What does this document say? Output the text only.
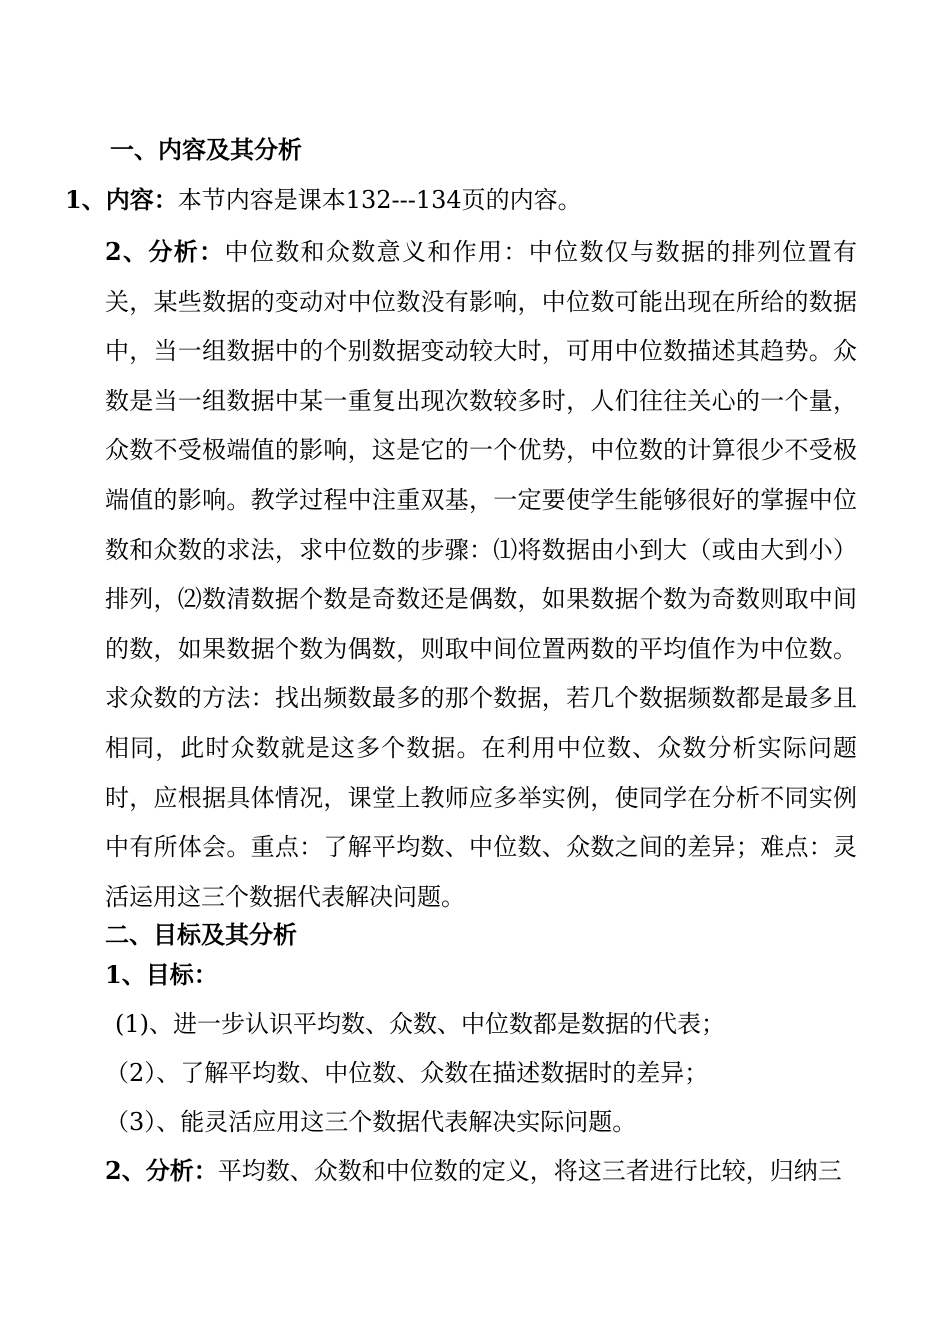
一、内容及其分析

1、内容：本节内容是课本132---134页的内容。

2、分析：中位数和众数意义和作用：中位数仅与数据的排列位置有关，某些数据的变动对中位数没有影响，中位数可能出现在所给的数据中，当一组数据中的个别数据变动较大时，可用中位数描述其趋势。众数是当一组数据中某一重复出现次数较多时，人们往往关心的一个量，众数不受极端值的影响，这是它的一个优势，中位数的计算很少不受极端值的影响。教学过程中注重双基，一定要使学生能够很好的掌握中位数和众数的求法，求中位数的步骤：⑴将数据由小到大（或由大到小）排列，⑵数清数据个数是奇数还是偶数，如果数据个数为奇数则取中间的数，如果数据个数为偶数，则取中间位置两数的平均值作为中位数。求众数的方法：找出频数最多的那个数据，若几个数据频数都是最多且相同，此时众数就是这多个数据。在利用中位数、众数分析实际问题时，应根据具体情况，课堂上教师应多举实例，使同学在分析不同实例中有所体会。重点：了解平均数、中位数、众数之间的差异；难点：灵活运用这三个数据代表解决问题。

二、目标及其分析

1、目标：

(1)、进一步认识平均数、众数、中位数都是数据的代表；

（2）、了解平均数、中位数、众数在描述数据时的差异；

（3）、能灵活应用这三个数据代表解决实际问题。

2、分析：平均数、众数和中位数的定义，将这三者进行比较，归纳三
